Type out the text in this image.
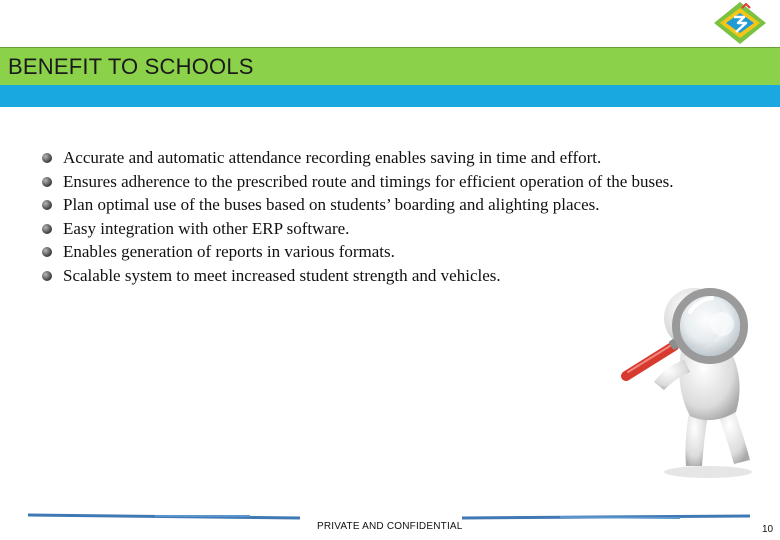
BENEFIT TO SCHOOLS
Accurate and automatic attendance recording enables saving in time and effort.
Ensures adherence to the prescribed route and timings for efficient operation of the buses.
Plan optimal use of the buses based on students’ boarding and alighting places.
Easy integration with other ERP software.
Enables generation of reports in various formats.
Scalable system to meet increased student strength and vehicles.
PRIVATE AND CONFIDENTIAL	10
